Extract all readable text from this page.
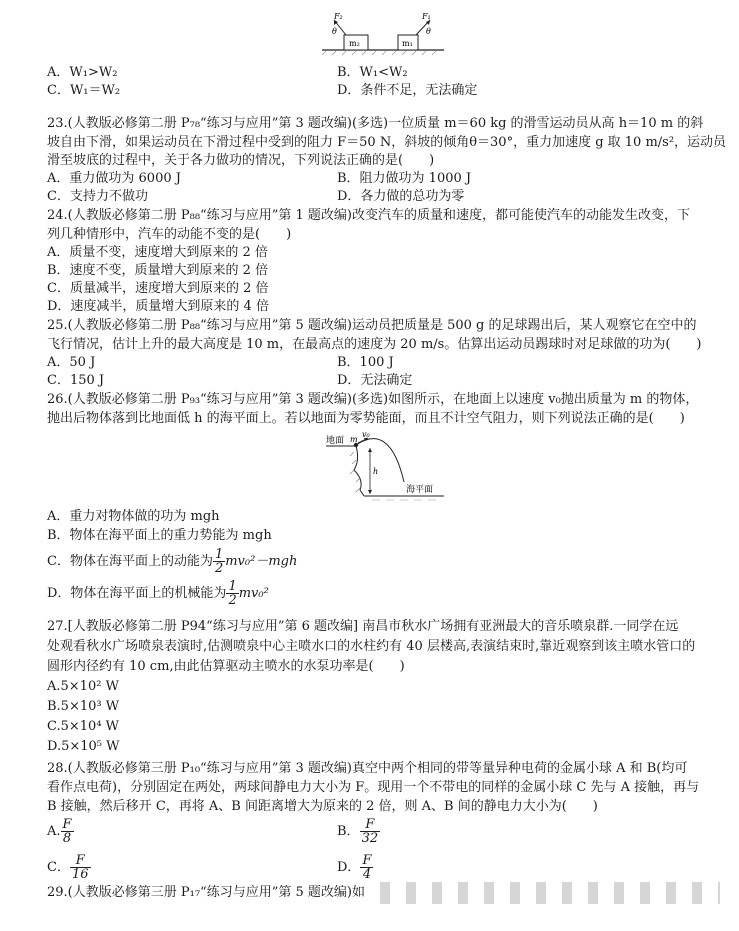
F₂	F₁
θ	θ
m₂	m₁
A．W₁>W₂	B．W₁<W₂
C．W₁＝W₂	D．条件不足，无法确定
23.(人教版必修第二册 P₇₈“练习与应用”第 3 题改编)(多选)一位质量 m＝60 kg 的滑雪运动员从高 h＝10 m 的斜
坡自由下滑，如果运动员在下滑过程中受到的阻力 F＝50 N，斜坡的倾角θ＝30°，重力加速度 g 取 10 m/s²，运动员
滑至坡底的过程中，关于各力做功的情况，下列说法正确的是(　　)
A．重力做功为 6000 J	B．阻力做功为 1000 J
C．支持力不做功	D．各力做的总功为零
24.(人教版必修第二册 P₈₈“练习与应用”第 1 题改编)改变汽车的质量和速度，都可能使汽车的动能发生改变，下
列几种情形中，汽车的动能不变的是(　　)
A．质量不变，速度增大到原来的 2 倍
B．速度不变，质量增大到原来的 2 倍
C．质量减半，速度增大到原来的 2 倍
D．速度减半，质量增大到原来的 4 倍
25.(人教版必修第二册 P₈₈“练习与应用”第 5 题改编)运动员把质量是 500 g 的足球踢出后，某人观察它在空中的
飞行情况，估计上升的最大高度是 10 m，在最高点的速度为 20 m/s。估算出运动员踢球时对足球做的功为(　　)
A．50 J	B．100 J
C．150 J	D．无法确定
26.(人教版必修第二册 P₉₃“练习与应用”第 3 题改编)(多选)如图所示，在地面上以速度 v₀抛出质量为 m 的物体，
抛出后物体落到比地面低 h 的海平面上。若以地面为零势能面，而且不计空气阻力，则下列说法正确的是(　　)
地面
v₀
m
h
海平面
A．重力对物体做的功为 mgh
B．物体在海平面上的重力势能为 mgh
C．物体在海平面上的动能为 $\frac{1}{2} mv_0^2-mgh$
D．物体在海平面上的机械能为 $\frac{1}{2} mv_0^2$
27.[人教版必修第二册 P94“练习与应用”第 6 题改编] 南昌市秋水广场拥有亚洲最大的音乐喷泉群.一同学在远
处观看秋水广场喷泉表演时,估测喷泉中心主喷水口的水柱约有 40 层楼高,表演结束时,靠近观察到该主喷水管口的
圆形内径约有 10 cm,由此估算驱动主喷水的水泵功率是(　　)
A.5×10² W
B.5×10³ W
C.5×10⁴ W
D.5×10⁵ W
28.(人教版必修第三册 P₁₀“练习与应用”第 3 题改编)真空中两个相同的带等量异种电荷的金属小球 A 和 B(均可
看作点电荷)，分别固定在两处，两球间静电力大小为 F。现用一个不带电的同样的金属小球 C 先与 A 接触，再与
B 接触，然后移开 C，再将 A、B 间距离增大为原来的 2 倍，则 A、B 间的静电力大小为(　　)
A. $\frac{F}{8}$	B． $\frac{F}{32}$
C． $\frac{F}{16}$	D． $\frac{F}{4}$
29.(人教版必修第三册 P₁₇“练习与应用”第 5 题改编)如
